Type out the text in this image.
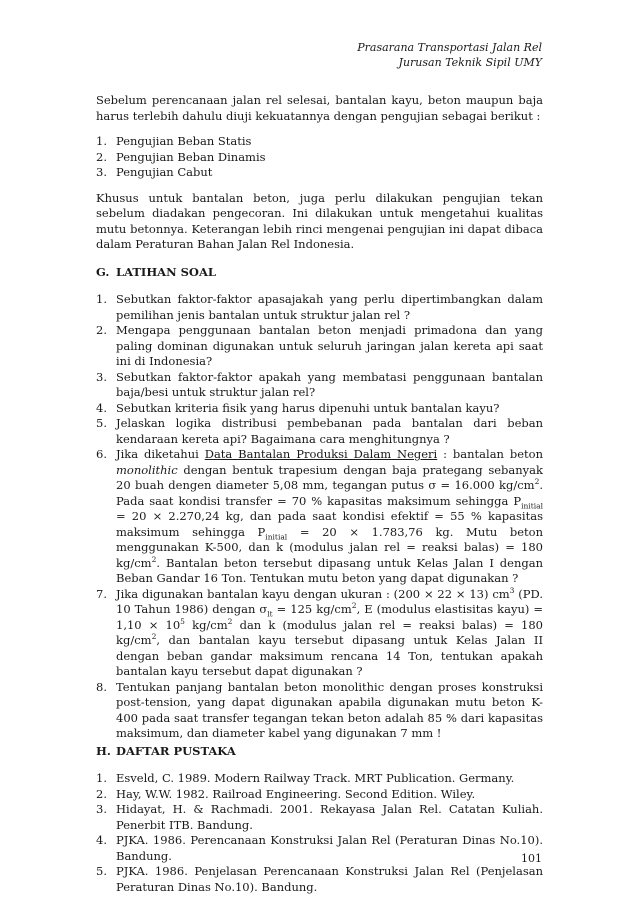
Prasarana Transportasi Jalan Rel
Jurusan Teknik Sipil UMY

Sebelum perencanaan jalan rel selesai, bantalan kayu, beton maupun baja harus terlebih dahulu diuji kekuatannya dengan pengujian sebagai berikut :

1. Pengujian Beban Statis
2. Pengujian Beban Dinamis
3. Pengujian Cabut

Khusus untuk bantalan beton, juga perlu dilakukan pengujian tekan sebelum diadakan pengecoran. Ini dilakukan untuk mengetahui kualitas mutu betonnya. Keterangan lebih rinci mengenai pengujian ini dapat dibaca dalam Peraturan Bahan Jalan Rel Indonesia.

G. LATIHAN SOAL
1. Sebutkan faktor-faktor apasajakah yang perlu dipertimbangkan dalam pemilihan jenis bantalan untuk struktur jalan rel ?
2. Mengapa penggunaan bantalan beton menjadi primadona dan yang paling dominan digunakan untuk seluruh jaringan jalan kereta api saat ini di Indonesia?
3. Sebutkan faktor-faktor apakah yang membatasi penggunaan bantalan baja/besi untuk struktur jalan rel?
4. Sebutkan kriteria fisik yang harus dipenuhi untuk bantalan kayu?
5. Jelaskan logika distribusi pembebanan pada bantalan dari beban kendaraan kereta api? Bagaimana cara menghitungnya ?
6. Jika diketahui Data Bantalan Produksi Dalam Negeri : bantalan beton monolithic dengan bentuk trapesium dengan baja prategang sebanyak 20 buah dengen diameter 5,08 mm, tegangan putus σ = 16.000 $kg/cm^2$. Pada saat kondisi transfer = 70 % kapasitas maksimum sehingga $P_{initial} = 20 \times 2.270,24$ kg, dan pada saat kondisi efektif = 55 % kapasitas maksimum sehingga $P_{initial} = 20 \times 1.783,76$ kg. Mutu beton menggunakan K-500, dan k (modulus jalan rel = reaksi balas) = 180 $kg/cm^2$. Bantalan beton tersebut dipasang untuk Kelas Jalan I dengan Beban Gandar 16 Ton. Tentukan mutu beton yang dapat digunakan ?
7. Jika digunakan bantalan kayu dengan ukuran : (200 × 22 × 13) $cm^3$ (PD. 10 Tahun 1986) dengan $\sigma_{lt} = 125$ $kg/cm^2$, E (modulus elastisitas kayu) = $1,10 \times 10^5$ $kg/cm^2$ dan k (modulus jalan rel = reaksi balas) = 180 $kg/cm^2$, dan bantalan kayu tersebut dipasang untuk Kelas Jalan II dengan beban gandar maksimum rencana 14 Ton, tentukan apakah bantalan kayu tersebut dapat digunakan ?
8. Tentukan panjang bantalan beton monolithic dengan proses konstruksi post-tension, yang dapat digunakan apabila digunakan mutu beton K-400 pada saat transfer tegangan tekan beton adalah 85 % dari kapasitas maksimum, dan diameter kabel yang digunakan 7 mm !
H. DAFTAR PUSTAKA
1. Esveld, C. 1989. Modern Railway Track. MRT Publication. Germany.
2. Hay, W.W. 1982. Railroad Engineering. Second Edition. Wiley.
3. Hidayat, H. & Rachmadi. 2001. Rekayasa Jalan Rel. Catatan Kuliah. Penerbit ITB. Bandung.
4. PJKA. 1986. Perencanaan Konstruksi Jalan Rel (Peraturan Dinas No.10). Bandung.
5. PJKA. 1986. Penjelasan Perencanaan Konstruksi Jalan Rel (Penjelasan Peraturan Dinas No.10). Bandung.
101
